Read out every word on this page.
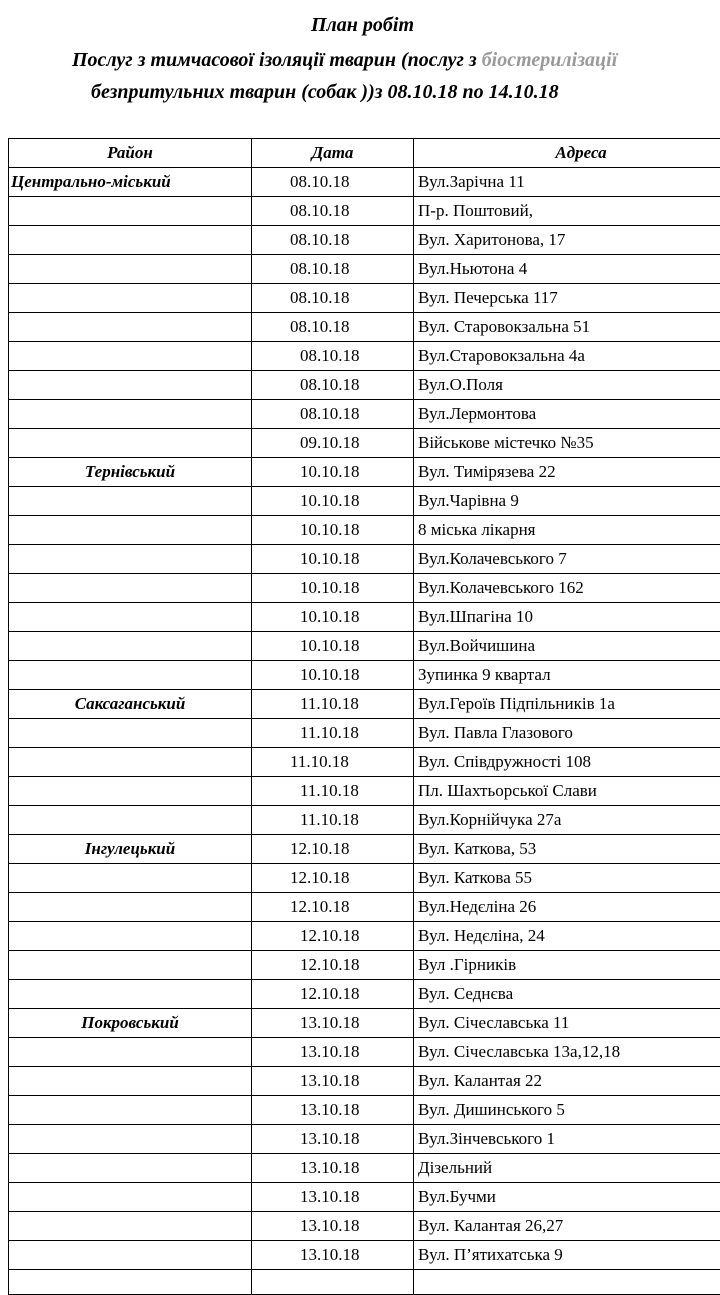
План робіт
Послуг з тимчасової ізоляції тварин (послуг з біостерилізації
безпритульних тварин (собак ))з 08.10.18 по 14.10.18
Район	Дата	Адреса
Центрально-міський	08.10.18	Вул.Зарічна 11
	08.10.18	П-р. Поштовий,
	08.10.18	Вул. Харитонова, 17
	08.10.18	Вул.Ньютона 4
	08.10.18	Вул. Печерська 117
	08.10.18	Вул. Старовокзальна 51
	08.10.18	Вул.Старовокзальна 4а
	08.10.18	Вул.О.Поля
	08.10.18	Вул.Лермонтова
	09.10.18	Військове містечко №35
Тернівський	10.10.18	Вул. Тимірязева 22
	10.10.18	Вул.Чарівна 9
	10.10.18	8 міська лікарня
	10.10.18	Вул.Колачевського 7
	10.10.18	Вул.Колачевського 162
	10.10.18	Вул.Шпагіна 10
	10.10.18	Вул.Войчишина
	10.10.18	Зупинка 9 квартал
Саксаганський	11.10.18	Вул.Героїв Підпільників 1а
	11.10.18	Вул. Павла Глазового
	11.10.18	Вул. Співдружності 108
	11.10.18	Пл. Шахтьорської Слави
	11.10.18	Вул.Корнійчука 27а
Інгулецький	12.10.18	Вул. Каткова, 53
	12.10.18	Вул. Каткова 55
	12.10.18	Вул.Недєліна 26
	12.10.18	Вул. Недєліна, 24
	12.10.18	Вул .Гірників
	12.10.18	Вул. Седнєва
Покровський	13.10.18	Вул. Січеславська 11
	13.10.18	Вул. Січеславська 13а,12,18
	13.10.18	Вул. Калантая 22
	13.10.18	Вул. Дишинського 5
	13.10.18	Вул.Зінчевського 1
	13.10.18	Дізельний
	13.10.18	Вул.Бучми
	13.10.18	Вул. Калантая 26,27
	13.10.18	Вул. П’ятихатська 9
